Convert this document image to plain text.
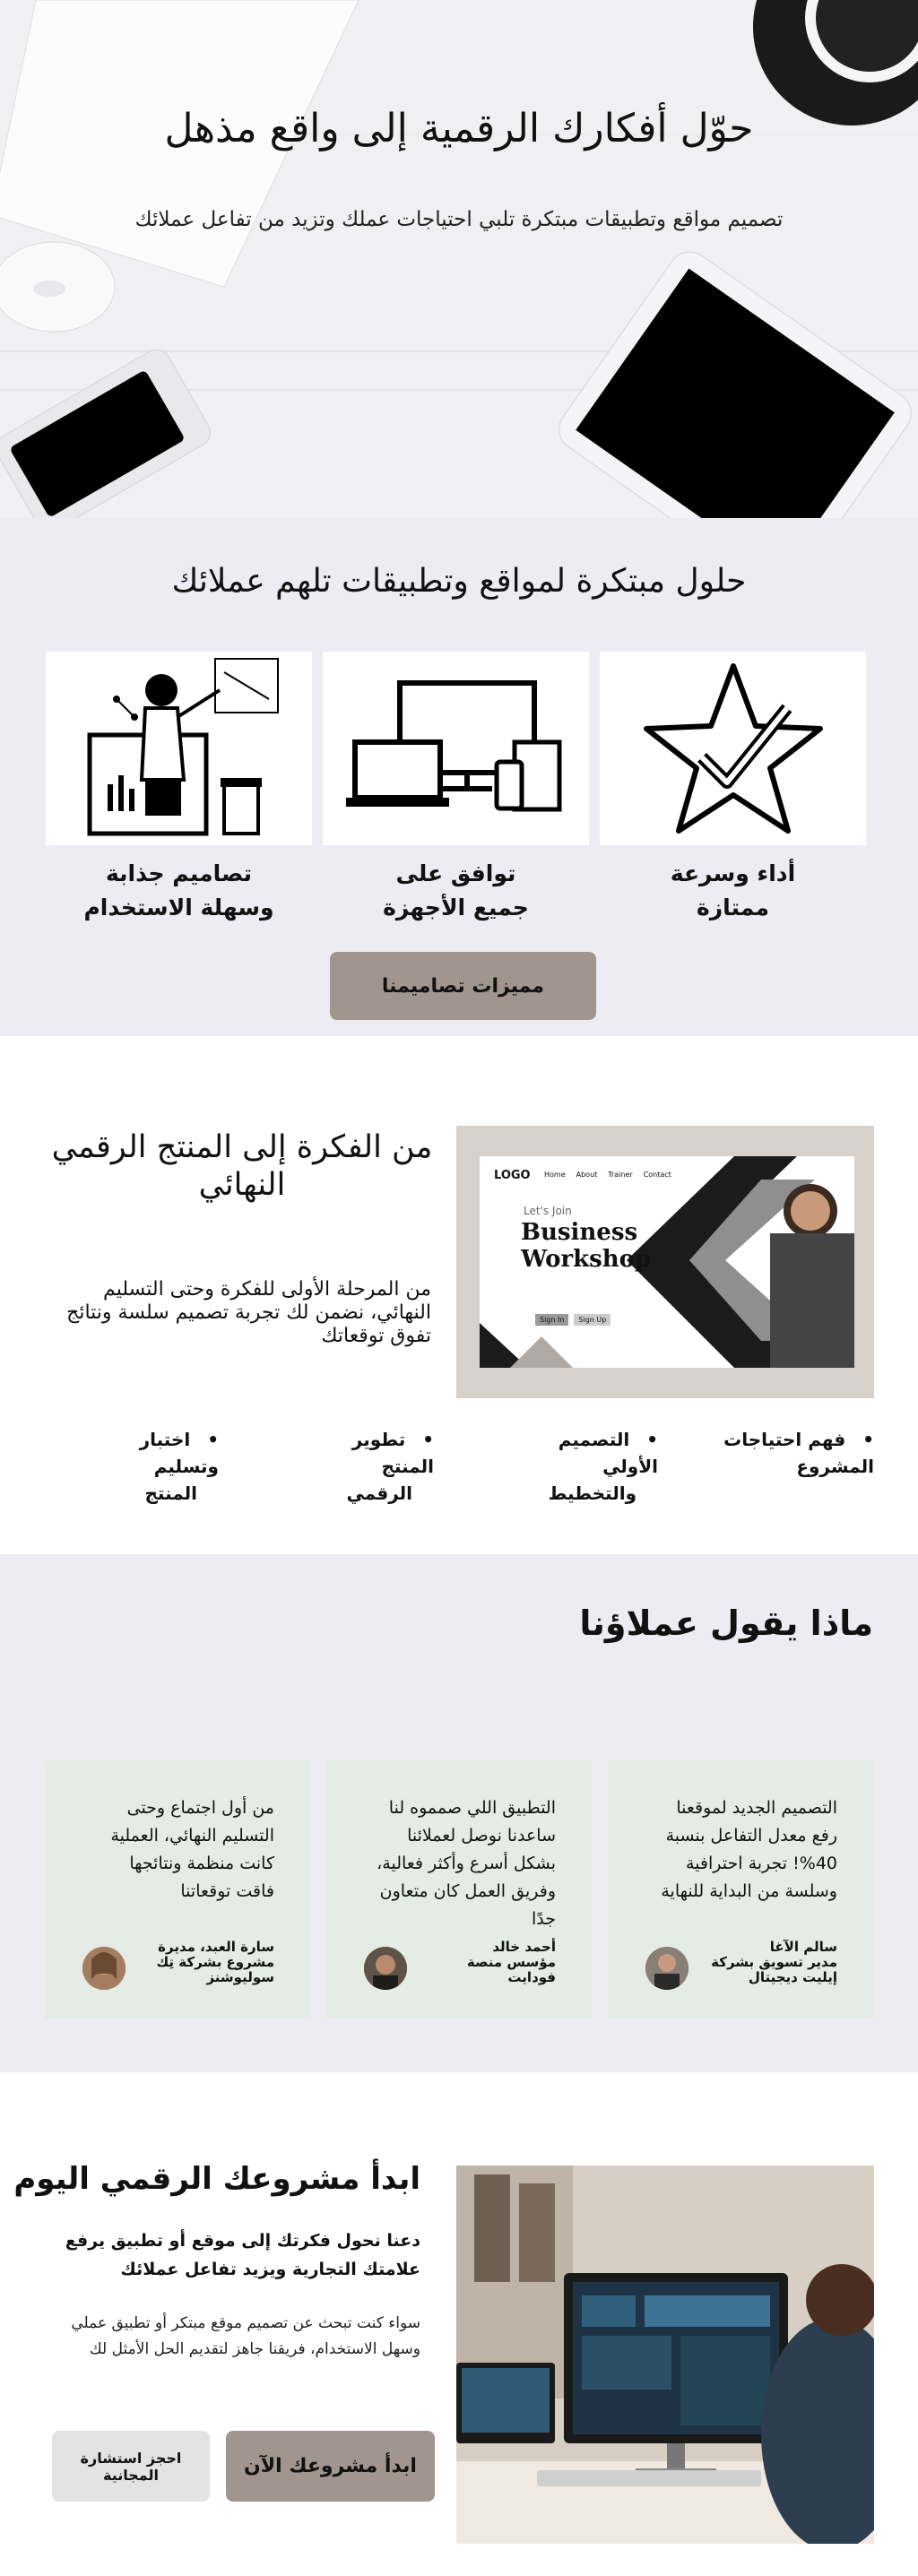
حوّل أفكارك الرقمية إلى واقع مذهل

تصميم مواقع وتطبيقات مبتكرة تلبي احتياجات عملك وتزيد من تفاعل عملائك

حلول مبتكرة لمواقع وتطبيقات تلهم عملائك
أداء وسرعة
ممتازة
توافق على
جميع الأجهزة
تصاميم جذابة
وسهلة الاستخدام
مميزات تصاميمنا
من الفكرة إلى المنتج الرقمي النهائي

من المرحلة الأولى للفكرة وحتى التسليم النهائي، نضمن لك تجربة تصميم سلسة ونتائج تفوق توقعاتك

LOGO Home About Trainer Contact
Let's Join
Business
Workshop
Sign In	Sign Up
• فهم احتياجات المشروع
• التصميم الأولي
والتخطيط
• تطوير المنتج
الرقمي
• اختبار وتسليم
المنتج
ماذا يقول عملاؤنا

التصميم الجديد لموقعنا رفع معدل التفاعل بنسبة 40%! تجربة احترافية وسلسة من البداية للنهاية

سالم الآغا
مدير تسويق بشركة
إيليت ديجيتال

التطبيق اللي صمموه لنا ساعدنا نوصل لعملائنا بشكل أسرع وأكثر فعالية، وفريق العمل كان متعاون جدًا

أحمد خالد
مؤسس منصة فودايت

من أول اجتماع وحتى التسليم النهائي، العملية كانت منظمة ونتائجها فاقت توقعاتنا

سارة العبد، مديرة
مشروع بشركة تِك
سوليوشنز
ابدأ مشروعك الرقمي اليوم

دعنا نحول فكرتك إلى موقع أو تطبيق يرفع علامتك التجارية ويزيد تفاعل عملائك

سواء كنت تبحث عن تصميم موقع مبتكر أو تطبيق عملي وسهل الاستخدام، فريقنا جاهز لتقديم الحل الأمثل لك

ابدأ مشروعك الآن
احجز استشارة المجانية
